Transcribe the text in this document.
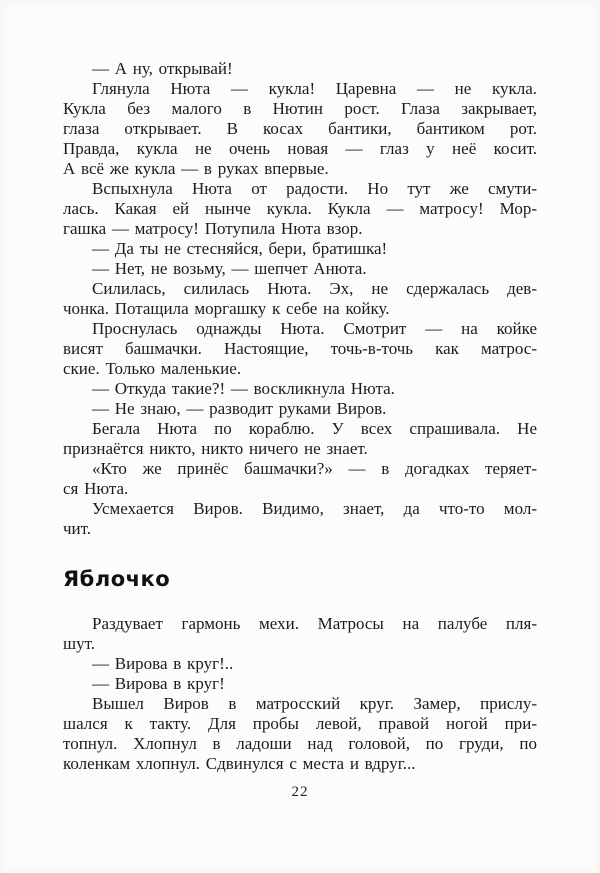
— А ну, открывай!
Глянула Нюта — кукла! Царевна — не кукла.
Кукла без малого в Нютин рост. Глаза закрывает,
глаза открывает. В косах бантики, бантиком рот.
Правда, кукла не очень новая — глаз у неё косит.
А всё же кукла — в руках впервые.
Вспыхнула Нюта от радости. Но тут же смути-
лась. Какая ей нынче кукла. Кукла — матросу! Мор-
гашка — матросу! Потупила Нюта взор.
— Да ты не стесняйся, бери, братишка!
— Нет, не возьму, — шепчет Анюта.
Силилась, силилась Нюта. Эх, не сдержалась дев-
чонка. Потащила моргашку к себе на койку.
Проснулась однажды Нюта. Смотрит — на койке
висят башмачки. Настоящие, точь-в-точь как матрос-
ские. Только маленькие.
— Откуда такие?! — воскликнула Нюта.
— Не знаю, — разводит руками Виров.
Бегала Нюта по кораблю. У всех спрашивала. Не
признаётся никто, никто ничего не знает.
«Кто же принёс башмачки?» — в догадках теряет-
ся Нюта.
Усмехается Виров. Видимо, знает, да что-то мол-
чит.
Яблочко
Раздувает гармонь мехи. Матросы на палубе пля-
шут.
— Вирова в круг!..
— Вирова в круг!
Вышел Виров в матросский круг. Замер, прислу-
шался к такту. Для пробы левой, правой ногой при-
топнул. Хлопнул в ладоши над головой, по груди, по
коленкам хлопнул. Сдвинулся с места и вдруг...
22
